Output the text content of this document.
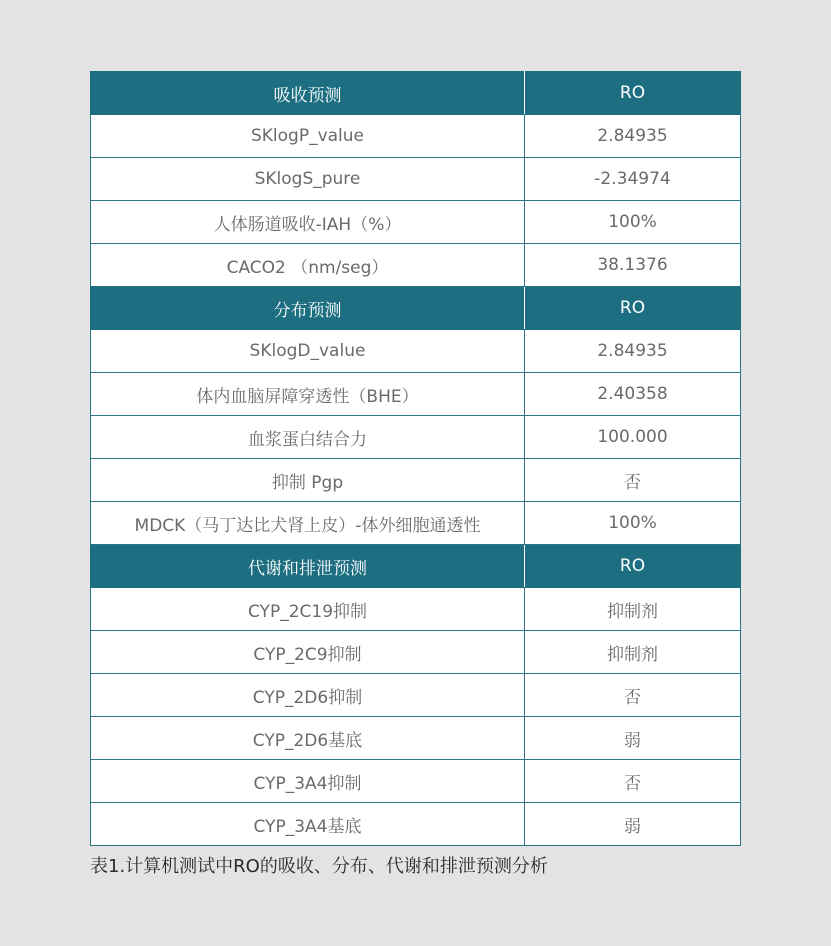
吸收预测	RO
SKlogP_value	2.84935
SKlogS_pure	-2.34974
人体肠道吸收-IAH（%）	100%
CACO2 （nm/seg）	38.1376
分布预测	RO
SKlogD_value	2.84935
体内血脑屏障穿透性（BHE）	2.40358
血浆蛋白结合力	100.000
抑制 Pgp	否
MDCK（马丁达比犬肾上皮）-体外细胞通透性	100%
代谢和排泄预测	RO
CYP_2C19抑制	抑制剂
CYP_2C9抑制	抑制剂
CYP_2D6抑制	否
CYP_2D6基底	弱
CYP_3A4抑制	否
CYP_3A4基底	弱
表1.计算机测试中RO的吸收、分布、代谢和排泄预测分析
